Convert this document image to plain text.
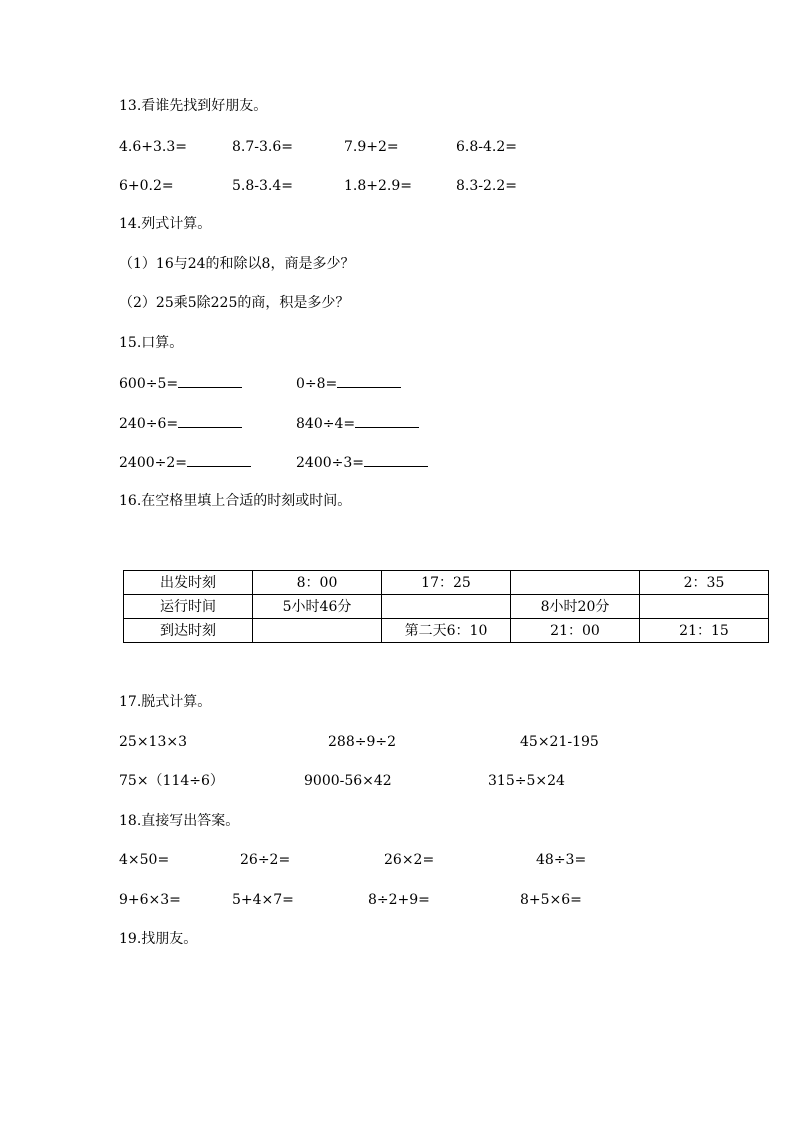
13.看谁先找到好朋友。
4.6+3.3=	8.7-3.6=	7.9+2=	6.8-4.2=
6+0.2=	5.8-3.4=	1.8+2.9=	8.3-2.2=
14.列式计算。
（1）16与24的和除以8，商是多少？
（2）25乘5除225的商，积是多少？
15.口算。
600÷5=	0÷8=
240÷6=	840÷4=
2400÷2=	2400÷3=
16.在空格里填上合适的时刻或时间。
出发时刻	8：00	17：25		2：35
运行时间	5小时46分		8小时20分	
到达时刻		第二天6：10	21：00	21：15
17.脱式计算。
25×13×3	288÷9÷2	45×21-195
75×（114÷6）	9000-56×42	315÷5×24
18.直接写出答案。
4×50=	26÷2=	26×2=	48÷3=
9+6×3=	5+4×7=	8÷2+9=	8+5×6=
19.找朋友。
